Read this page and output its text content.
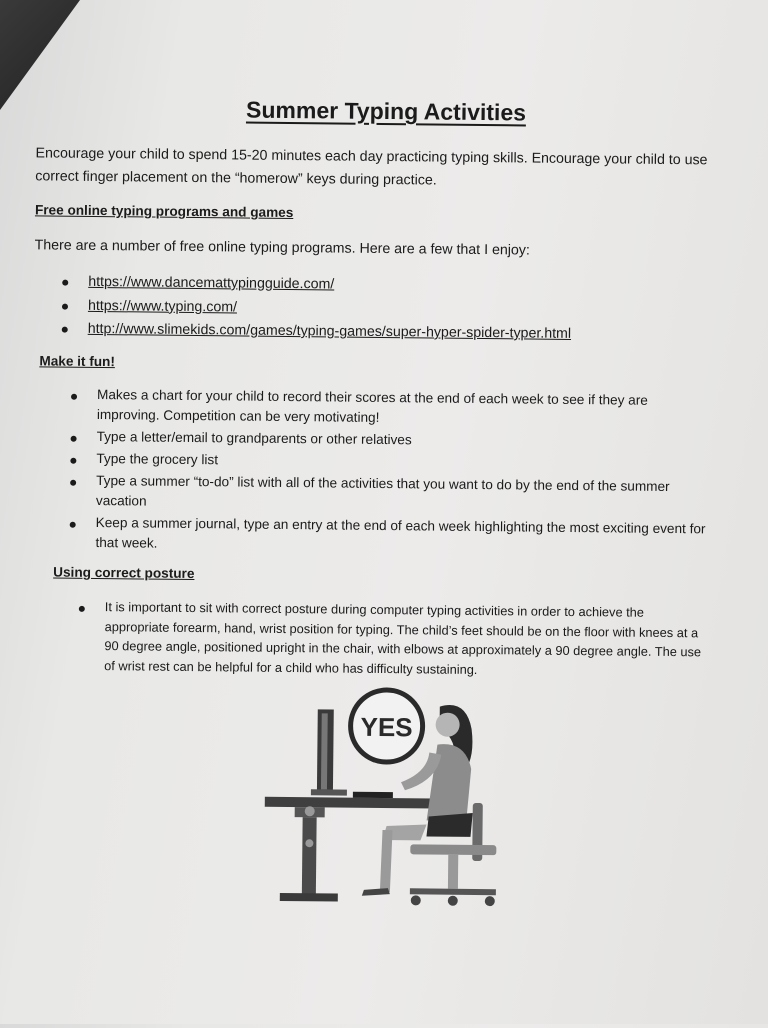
Summer Typing Activities
Encourage your child to spend 15-20 minutes each day practicing typing skills. Encourage your child to use correct finger placement on the “homerow” keys during practice.
Free online typing programs and games
There are a number of free online typing programs. Here are a few that I enjoy:
https://www.dancemattypingguide.com/
https://www.typing.com/
http://www.slimekids.com/games/typing-games/super-hyper-spider-typer.html
Make it fun!
Makes a chart for your child to record their scores at the end of each week to see if they are improving. Competition can be very motivating!
Type a letter/email to grandparents or other relatives
Type the grocery list
Type a summer “to-do” list with all of the activities that you want to do by the end of the summer vacation
Keep a summer journal, type an entry at the end of each week highlighting the most exciting event for that week.
Using correct posture
It is important to sit with correct posture during computer typing activities in order to achieve the appropriate forearm, hand, wrist position for typing. The child’s feet should be on the floor with knees at a 90 degree angle, positioned upright in the chair, with elbows at approximately a 90 degree angle. The use of wrist rest can be helpful for a child who has difficulty sustaining.
YES
